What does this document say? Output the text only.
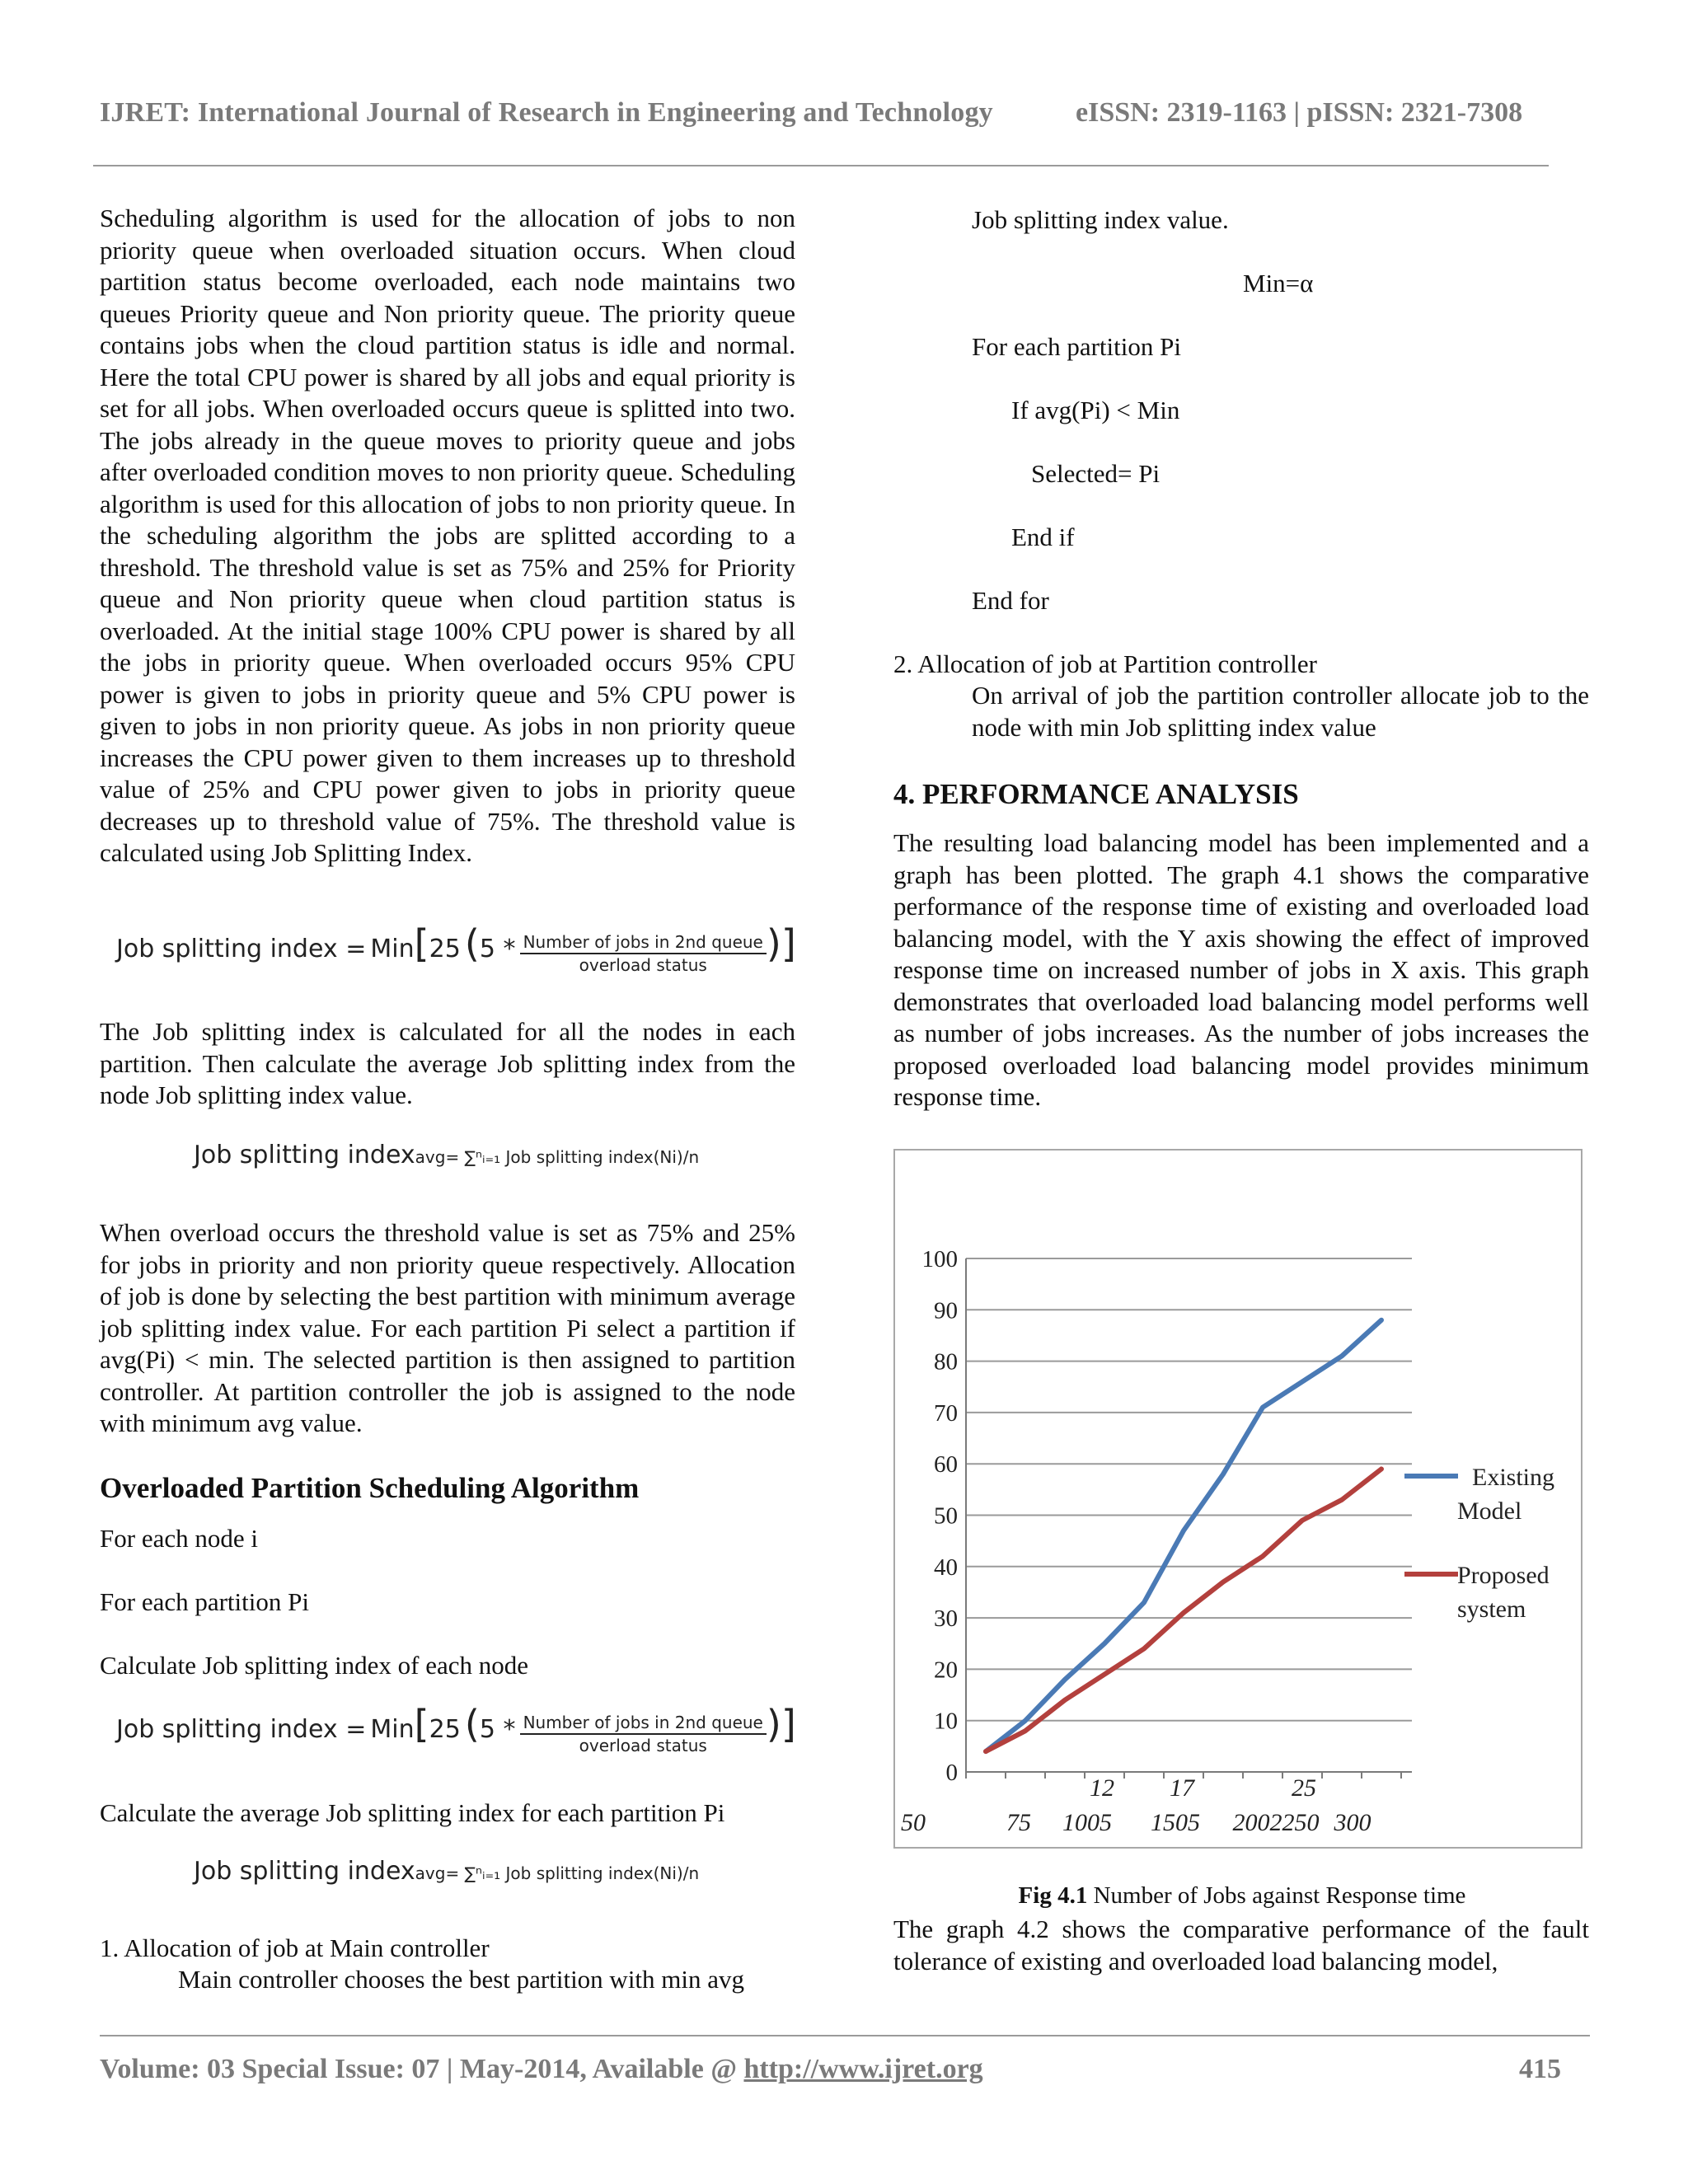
IJRET: International Journal of Research in Engineering and Technology	eISSN: 2319-1163 | pISSN: 2321-7308

Scheduling algorithm is used for the allocation of jobs to non priority queue when overloaded situation occurs. When cloud partition status become overloaded, each node maintains two queues Priority queue and Non priority queue. The priority queue contains jobs when the cloud partition status is idle and normal. Here the total CPU power is shared by all jobs and equal priority is set for all jobs. When overloaded occurs queue is splitted into two. The jobs already in the queue moves to priority queue and jobs after overloaded condition moves to non priority queue. Scheduling algorithm is used for this allocation of jobs to non priority queue. In the scheduling algorithm the jobs are splitted according to a threshold. The threshold value is set as 75% and 25% for Priority queue and Non priority queue when cloud partition status is overloaded. At the initial stage 100% CPU power is shared by all the jobs in priority queue. When overloaded occurs 95% CPU power is given to jobs in priority queue and 5% CPU power is given to jobs in non priority queue. As jobs in non priority queue increases the CPU power given to them increases up to threshold value of 25% and CPU power given to jobs in priority queue decreases up to threshold value of 75%. The threshold value is calculated using Job Splitting Index.

Job splitting index = Min[25 ($5 * \frac{\text{Number of jobs in 2nd queue}}{\text{overload status}}$ )]

The Job splitting index is calculated for all the nodes in each partition. Then calculate the average Job splitting index from the node Job splitting index value.

Job splitting indexavg= ∑ⁿᵢ₌₁ Job splitting index(Ni)/n

When overload occurs the threshold value is set as 75% and 25% for jobs in priority and non priority queue respectively. Allocation of job is done by selecting the best partition with minimum average job splitting index value. For each partition Pi select a partition if avg(Pi) < min. The selected partition is then assigned to partition controller. At partition controller the job is assigned to the node with minimum avg value.

Overloaded Partition Scheduling Algorithm
For each node i
For each partition Pi
Calculate Job splitting index of each node
Job splitting index = Min[25 ($5 * \frac{\text{Number of jobs in 2nd queue}}{\text{overload status}}$ )]
Calculate the average Job splitting index for each partition Pi
Job splitting indexavg= ∑ⁿᵢ₌₁ Job splitting index(Ni)/n
1. Allocation of job at Main controller
Main controller chooses the best partition with min avg
Job splitting index value.
Min=α
For each partition Pi
If avg(Pi) < Min
Selected= Pi
End if
End for
2. Allocation of job at Partition controller

On arrival of job the partition controller allocate job to the node with min Job splitting index value

4. PERFORMANCE ANALYSIS

The resulting load balancing model has been implemented and a graph has been plotted. The graph 4.1 shows the comparative performance of the response time of existing and overloaded load balancing model, with the Y axis showing the effect of improved response time on increased number of jobs in X axis. This graph demonstrates that overloaded load balancing model performs well as number of jobs increases. As the number of jobs increases the proposed overloaded load balancing model provides minimum response time.

0
10
20
30
40
50
60
70
80
90
100
12 17	25
50	75 1005 1505 2002250 300
Existing
Model
Proposed
system
Fig 4.1 Number of Jobs against Response time

The graph 4.2 shows the comparative performance of the fault tolerance of existing and overloaded load balancing model,

Volume: 03 Special Issue: 07 | May-2014, Available @ http://www.ijret.org	415
